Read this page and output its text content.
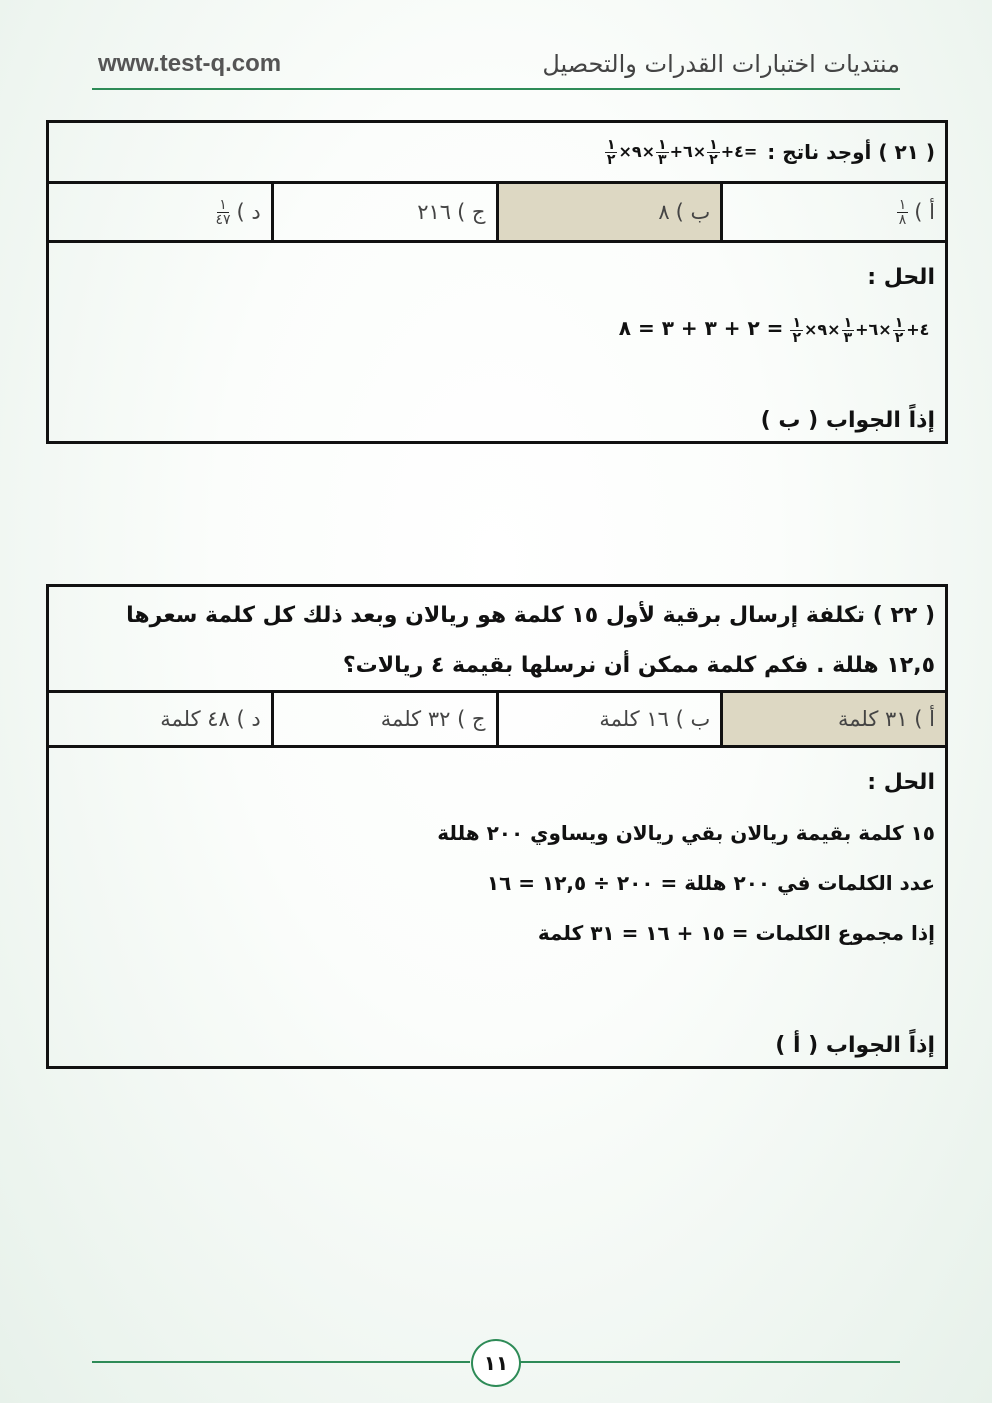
www.test-q.com	منتديات اختبارات القدرات والتحصيل
( ٢١ ) أوجد ناتج :
$\frac{١}{٢}$ ×٤+
$\frac{١}{٢}$
×٦+
$\frac{١}{٣}$
×٩	=
أ )
$\frac{١}{٨}$
ب )
٨
ج )
٢١٦
د )
$\frac{١}{٤٧}$
الحل :
$\frac{١}{٢}$ ×٤+
$\frac{١}{٢}$
×٦+
$\frac{١}{٣}$
×٩ = ٢ + ٣ + ٣ = ٨
إذاً الجواب ( ب )
( ٢٢ ) تكلفة إرسال برقية لأول ١٥ كلمة هو ريالان وبعد ذلك كل كلمة سعرها
١٢,٥ هللة . فكم كلمة ممكن أن نرسلها بقيمة ٤ ريالات؟
أ ) ٣١ كلمة
ب ) ١٦ كلمة
ج ) ٣٢ كلمة
د ) ٤٨ كلمة
الحل :
١٥ كلمة بقيمة ريالان بقي ريالان ويساوي ٢٠٠ هللة
عدد الكلمات في ٢٠٠ هللة = ٢٠٠ ÷ ١٢,٥ = ١٦
إذا مجموع الكلمات = ١٥ + ١٦ = ٣١ كلمة
إذاً الجواب ( أ )
١١
